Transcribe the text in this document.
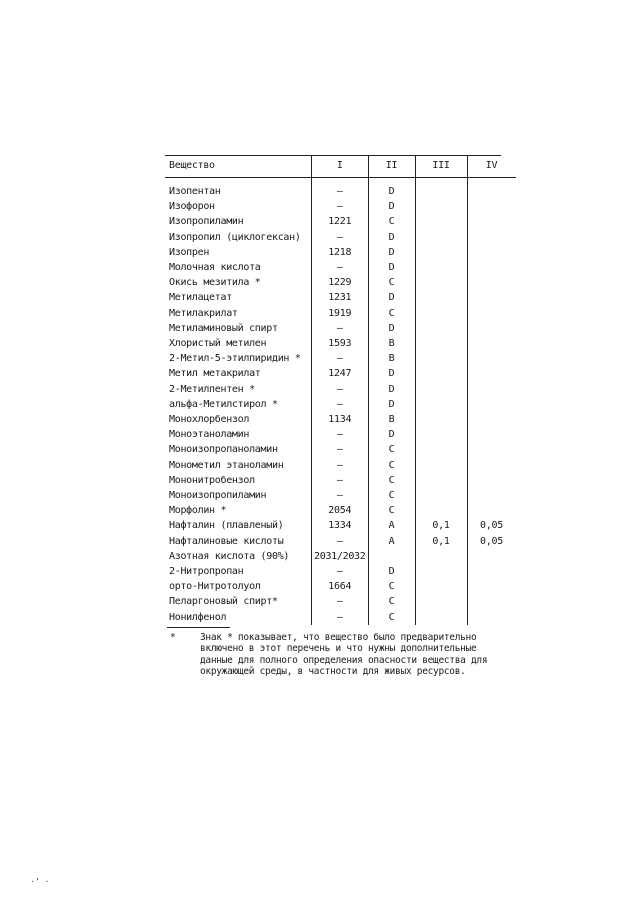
Вещество	I	II	III	IV
Изопентан	–	D		
Изофорон	–	D		
Изопропиламин	1221	C		
Изопропил (циклогексан)	–	D		
Изопрен	1218	D		
Молочная кислота	–	D		
Окись мезитила *	1229	C		
Метилацетат	1231	D		
Метилакрилат	1919	C		
Метиламиновый спирт	–	D		
Хлористый метилен	1593	B		
2-Метил-5-этилпиридин *	–	B		
Метил метакрилат	1247	D		
2-Метилпентен *	–	D		
альфа-Метилстирол *	–	D		
Монохлорбензол	1134	B		
Моноэтаноламин	–	D		
Моноизопропаноламин	–	C		
Монометил этаноламин	–	C		
Мононитробензол	–	C		
Моноизопропиламин	–	C		
Морфолин *	2054	C		
Нафталин (плавленый)	1334	A	0,1	0,05
Нафталиновые кислоты	–	A	0,1	0,05
Азотная кислота (90%)	2031/2032			
2-Нитропропан	–	D		
орто-Нитротолуол	1664	C		
Пеларгоновый спирт*	–	C		
Нонилфенол	–	C		
*	Знак * показывает, что вещество было предварительно включено в этот перечень и что нужны дополнительные данные для полного определения опасности вещества для окружающей среды, в частности для живых ресурсов.
·’ ·
